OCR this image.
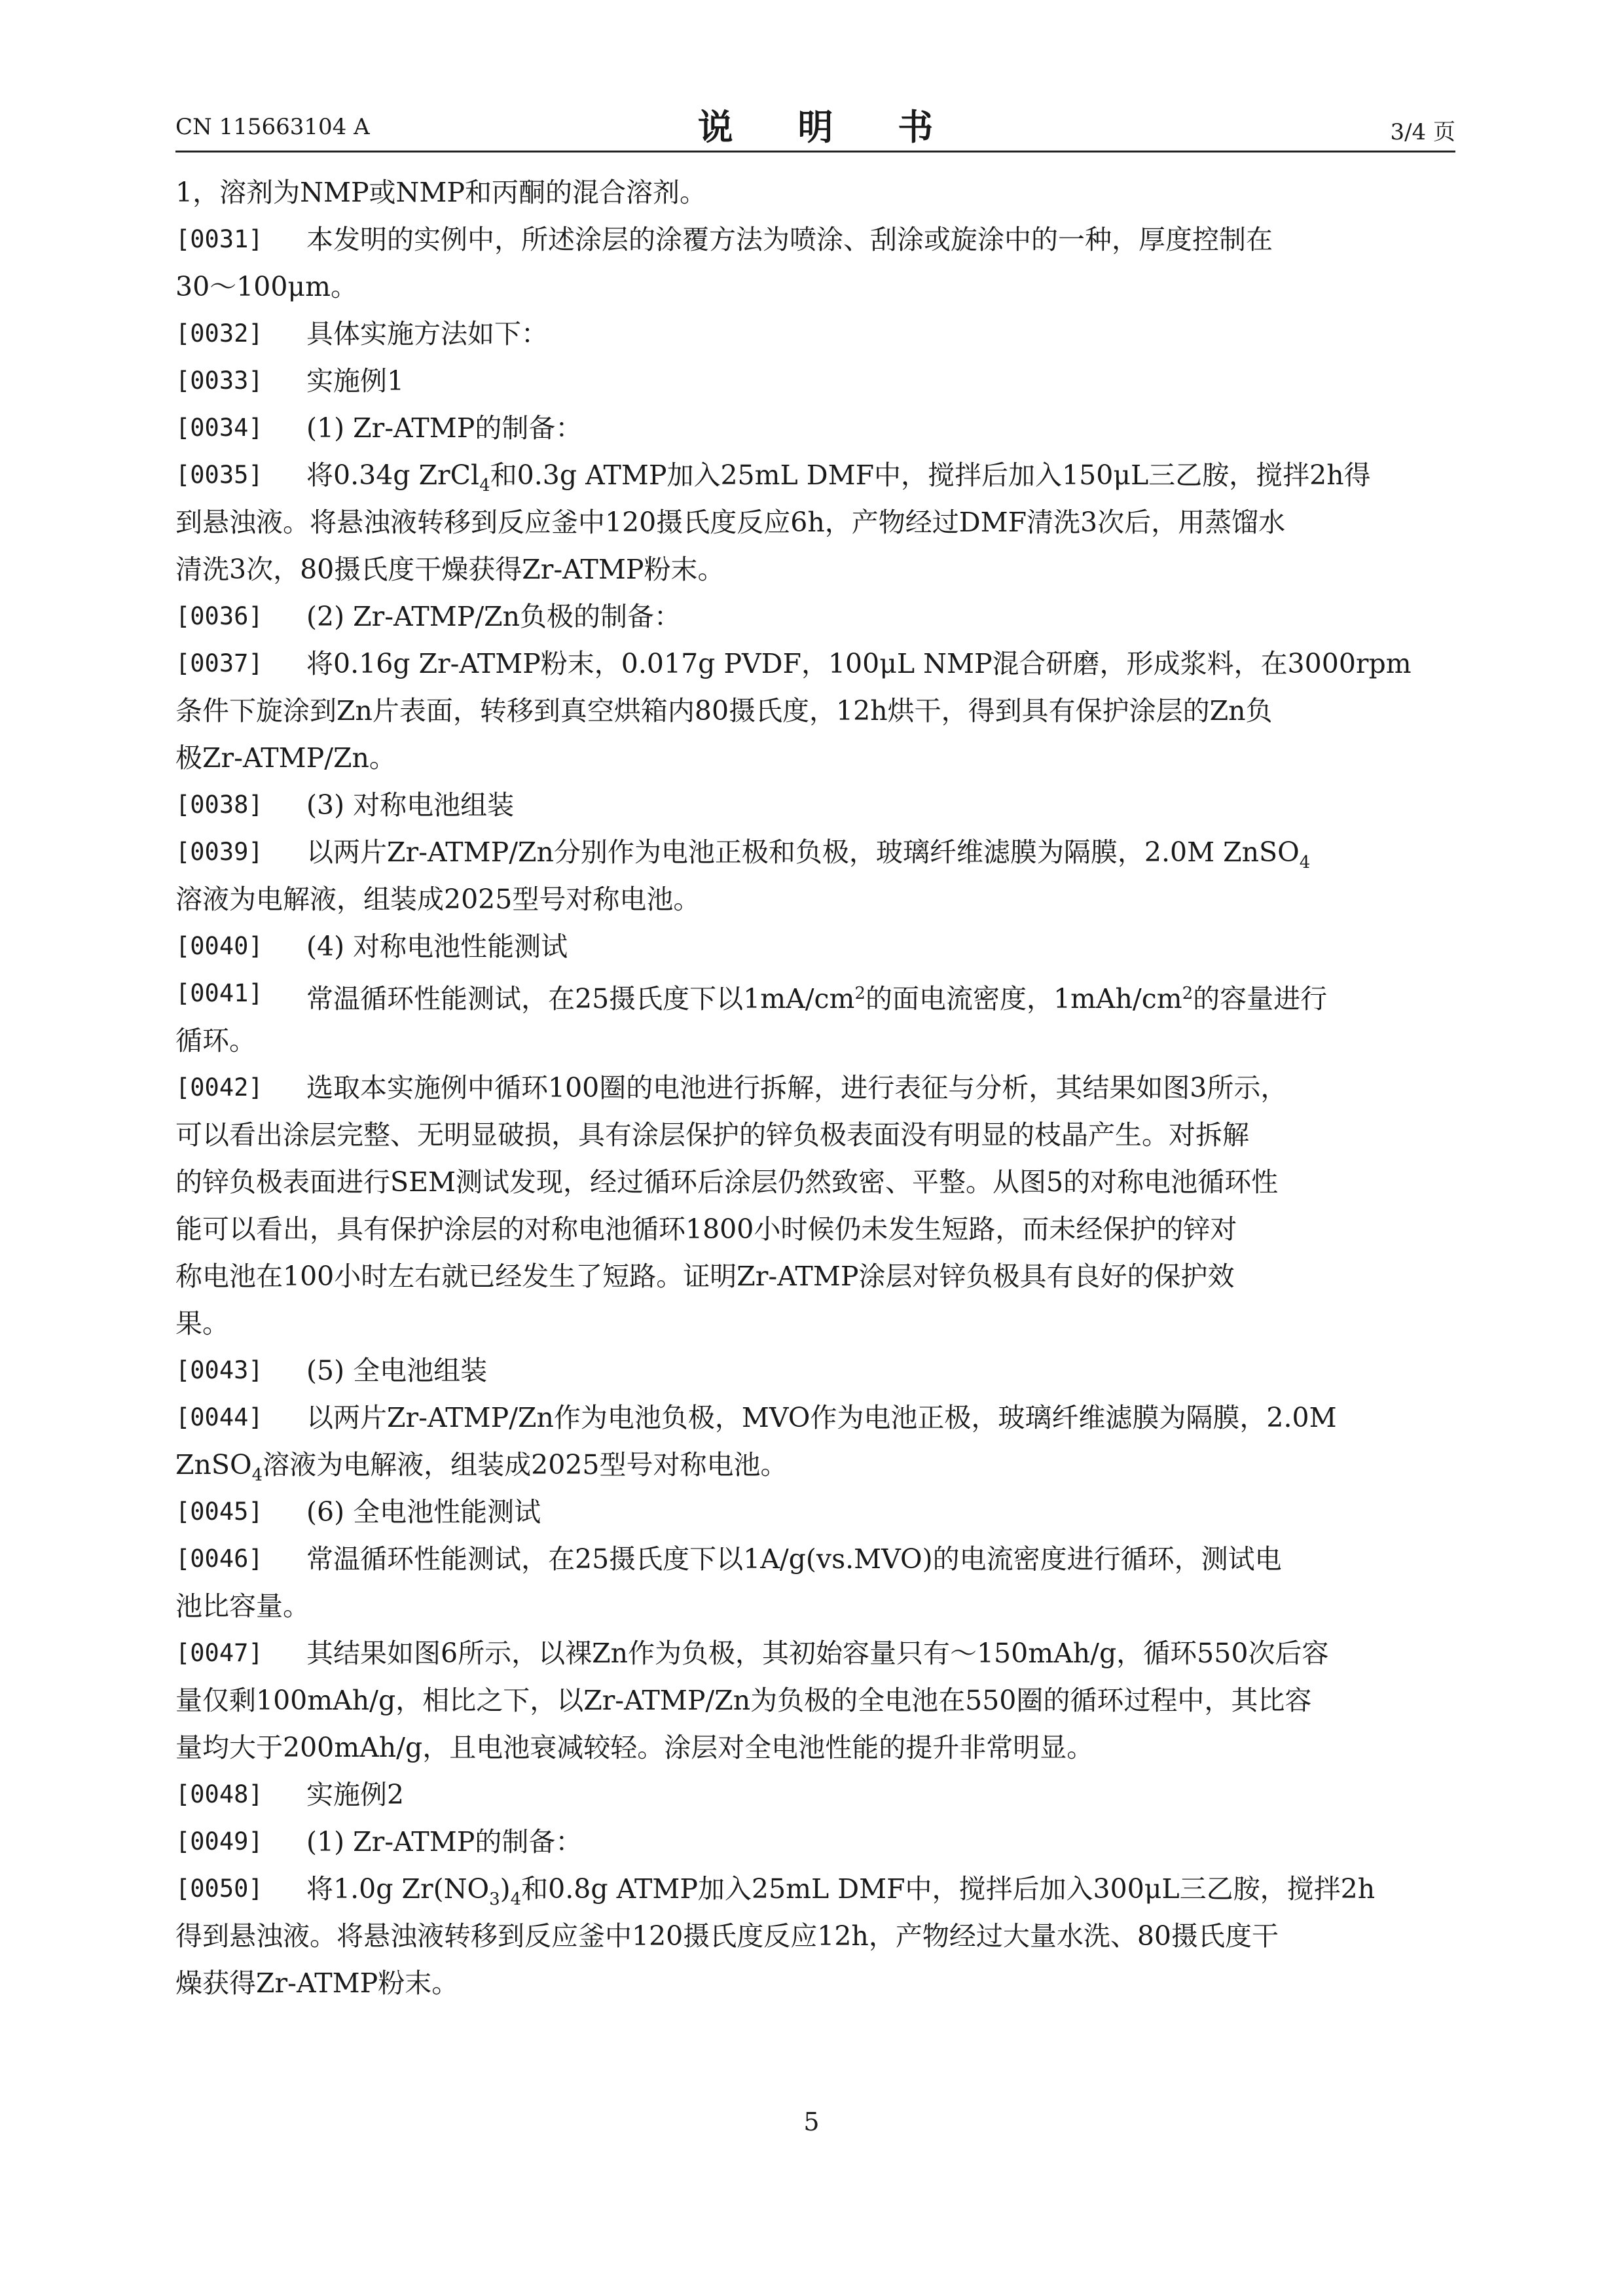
CN 115663104 A	说 明 书	3/4 页
1，溶剂为NMP或NMP和丙酮的混合溶剂。
[0031] 本发明的实例中，所述涂层的涂覆方法为喷涂、刮涂或旋涂中的一种，厚度控制在
30～100μm。
[0032] 具体实施方法如下：
[0033] 实施例1
[0034] (1) Zr-ATMP的制备：
[0035] 将0.34g ZrCl$_4$和0.3g ATMP加入25mL DMF中，搅拌后加入150μL三乙胺，搅拌2h得
到悬浊液。将悬浊液转移到反应釜中120摄氏度反应6h，产物经过DMF清洗3次后，用蒸馏水
清洗3次，80摄氏度干燥获得Zr-ATMP粉末。
[0036] (2) Zr-ATMP/Zn负极的制备：
[0037] 将0.16g Zr-ATMP粉末，0.017g PVDF，100μL NMP混合研磨，形成浆料，在3000rpm
条件下旋涂到Zn片表面，转移到真空烘箱内80摄氏度，12h烘干，得到具有保护涂层的Zn负
极Zr-ATMP/Zn。
[0038] (3) 对称电池组装
[0039] 以两片Zr-ATMP/Zn分别作为电池正极和负极，玻璃纤维滤膜为隔膜，2.0M ZnSO$_4$
溶液为电解液，组装成2025型号对称电池。
[0040] (4) 对称电池性能测试
[0041] 常温循环性能测试，在25摄氏度下以$1mA/cm^2$的面电流密度，$1mAh/cm^2$的容量进行
循环。
[0042] 选取本实施例中循环100圈的电池进行拆解，进行表征与分析，其结果如图3所示，
可以看出涂层完整、无明显破损，具有涂层保护的锌负极表面没有明显的枝晶产生。对拆解
的锌负极表面进行SEM测试发现，经过循环后涂层仍然致密、平整。从图5的对称电池循环性
能可以看出，具有保护涂层的对称电池循环1800小时候仍未发生短路，而未经保护的锌对
称电池在100小时左右就已经发生了短路。证明Zr-ATMP涂层对锌负极具有良好的保护效
果。
[0043] (5) 全电池组装
[0044] 以两片Zr-ATMP/Zn作为电池负极，MVO作为电池正极，玻璃纤维滤膜为隔膜，2.0M
ZnSO$_4$溶液为电解液，组装成2025型号对称电池。
[0045] (6) 全电池性能测试
[0046] 常温循环性能测试，在25摄氏度下以1A/g(vs.MVO)的电流密度进行循环，测试电
池比容量。
[0047] 其结果如图6所示，以裸Zn作为负极，其初始容量只有～150mAh/g，循环550次后容
量仅剩100mAh/g，相比之下，以Zr-ATMP/Zn为负极的全电池在550圈的循环过程中，其比容
量均大于200mAh/g，且电池衰减较轻。涂层对全电池性能的提升非常明显。
[0048] 实施例2
[0049] (1) Zr-ATMP的制备：
[0050] 将1.0g $Zr(NO_3)_4$和0.8g ATMP加入25mL DMF中，搅拌后加入300μL三乙胺，搅拌2h
得到悬浊液。将悬浊液转移到反应釜中120摄氏度反应12h，产物经过大量水洗、80摄氏度干
燥获得Zr-ATMP粉末。
5
